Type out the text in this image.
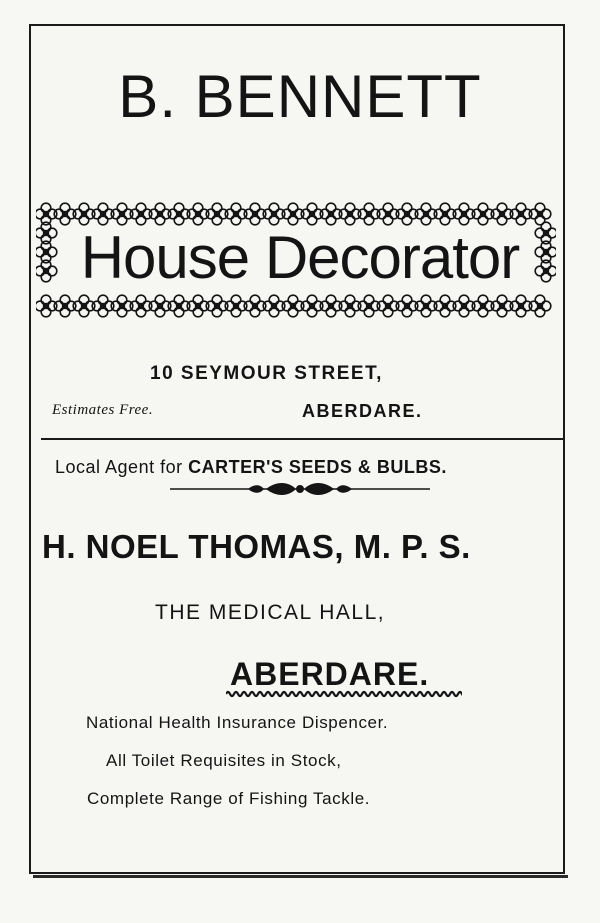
B. BENNETT
House Decorator
10 SEYMOUR STREET,
Estimates Free.	ABERDARE.
Local Agent for CARTER'S SEEDS & BULBS.
H. NOEL THOMAS, M. P. S.
THE MEDICAL HALL,
ABERDARE.
National Health Insurance Dispencer.
All Toilet Requisites in Stock,
Complete Range of Fishing Tackle.
